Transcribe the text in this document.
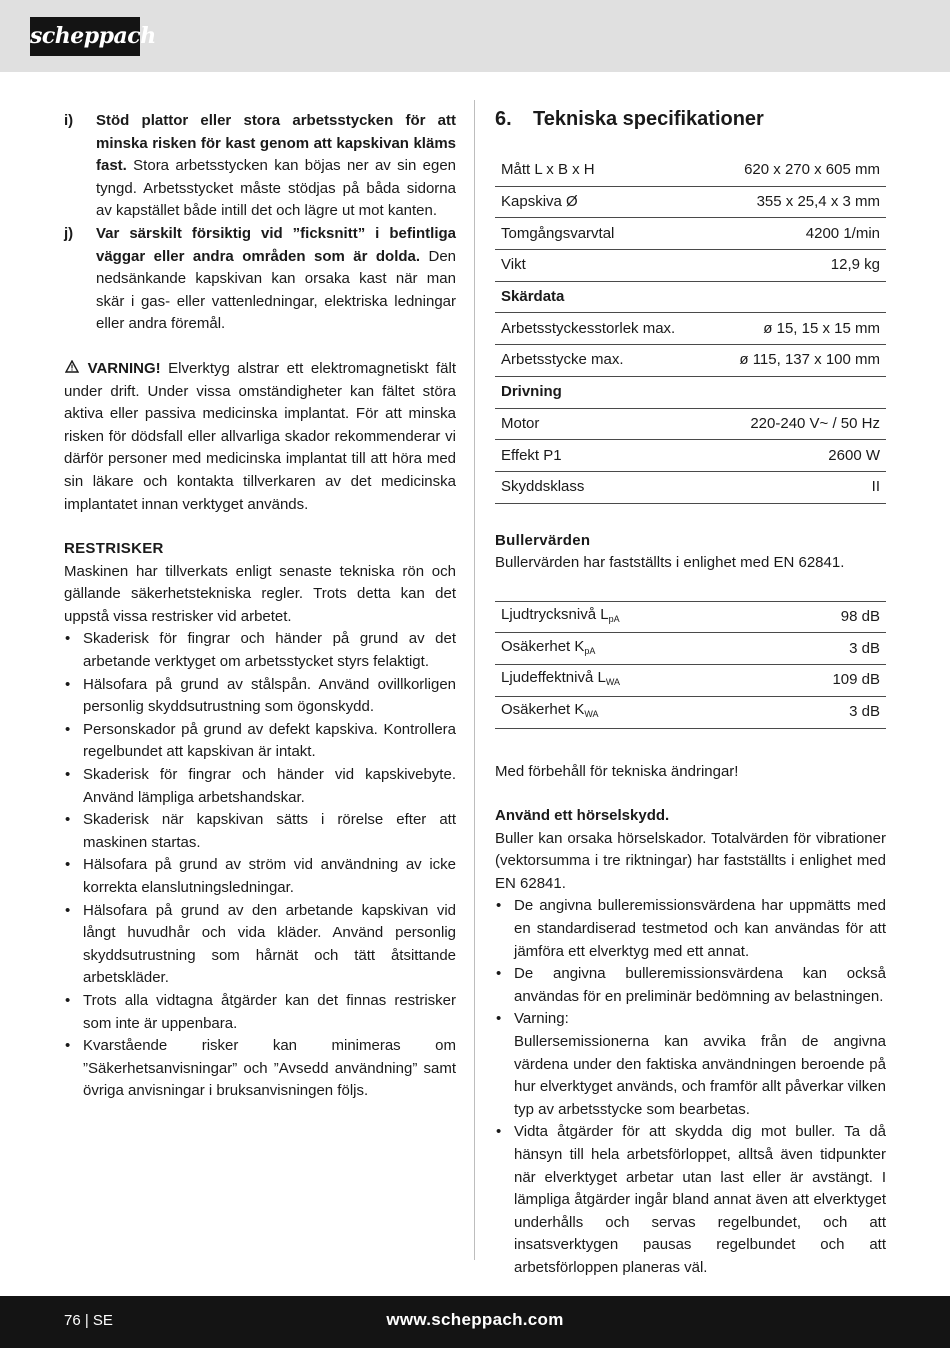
scheppach
i) Stöd plattor eller stora arbetsstycken för att minska risken för kast genom att kapskivan kläms fast. Stora arbetsstycken kan böjas ner av sin egen tyngd. Arbetsstycket måste stödjas på båda sidorna av kapstället både intill det och lägre ut mot kanten.
j) Var särskilt försiktig vid ”ficksnitt” i befintliga väggar eller andra områden som är dolda. Den nedsänkande kapskivan kan orsaka kast när man skär i gas- eller vattenledningar, elektriska ledningar eller andra föremål.

VARNING! Elverktyg alstrar ett elektromagnetiskt fält under drift. Under vissa omständigheter kan fältet störa aktiva eller passiva medicinska implantat. För att minska risken för dödsfall eller allvarliga skador rekommenderar vi därför personer med medicinska implantat till att höra med sin läkare och kontakta tillverkaren av det medicinska implantatet innan verktyget används.

RESTRISKER

Maskinen har tillverkats enligt senaste tekniska rön och gällande säkerhetstekniska regler. Trots detta kan det uppstå vissa restrisker vid arbetet.

• Skaderisk för fingrar och händer på grund av det arbetande verktyget om arbetsstycket styrs felaktigt.
• Hälsofara på grund av stålspån. Använd ovillkorligen personlig skyddsutrustning som ögonskydd.
• Personskador på grund av defekt kapskiva. Kontrollera regelbundet att kapskivan är intakt.
• Skaderisk för fingrar och händer vid kapskivebyte. Använd lämpliga arbetshandskar.
• Skaderisk när kapskivan sätts i rörelse efter att maskinen startas.
• Hälsofara på grund av ström vid användning av icke korrekta elanslutningsledningar.
• Hälsofara på grund av den arbetande kapskivan vid långt huvudhår och vida kläder. Använd personlig skyddsutrustning som hårnät och tätt åtsittande arbetskläder.
• Trots alla vidtagna åtgärder kan det finnas restrisker som inte är uppenbara.
• Kvarstående risker kan minimeras om ”Säkerhetsanvisningar” och ”Avsedd användning” samt övriga anvisningar i bruksanvisningen följs.
6. Tekniska specifikationer
Mått L x B x H	620 x 270 x 605 mm
Kapskiva Ø	355 x 25,4 x 3 mm
Tomgångsvarvtal	4200 1/min
Vikt	12,9 kg
Skärdata	
Arbetsstyckesstorlek max.	ø 15, 15 x 15 mm
Arbetsstycke max.	ø 115, 137 x 100 mm
Drivning	
Motor	220-240 V~ / 50 Hz
Effekt P1	2600 W
Skyddsklass	II

Bullervärden

Bullervärden har fastställts i enlighet med EN 62841.

Ljudtrycksnivå $L_{pA}$	98 dB
Osäkerhet $K_{pA}$	3 dB
Ljudeffektnivå $L_{WA}$	109 dB
Osäkerhet $K_{WA}$	3 dB

Med förbehåll för tekniska ändringar!

Använd ett hörselskydd.

Buller kan orsaka hörselskador. Totalvärden för vibrationer (vektorsumma i tre riktningar) har fastställts i enlighet med EN 62841.

• De angivna bulleremissionsvärdena har uppmätts med en standardiserad testmetod och kan användas för att jämföra ett elverktyg med ett annat.
• De angivna bulleremissionsvärdena kan också användas för en preliminär bedömning av belastningen.
• Varning:
Bullersemissionerna kan avvika från de angivna värdena under den faktiska användningen beroende på hur elverktyget används, och framför allt påverkar vilken typ av arbetsstycke som bearbetas.
• Vidta åtgärder för att skydda dig mot buller. Ta då hänsyn till hela arbetsförloppet, alltså även tidpunkter när elverktyget arbetar utan last eller är avstängt. I lämpliga åtgärder ingår bland annat även att elverktyget underhålls och servas regelbundet, och att insatsverktygen pausas regelbundet och att arbetsförloppen planeras väl.
76 | SE	www.scheppach.com
